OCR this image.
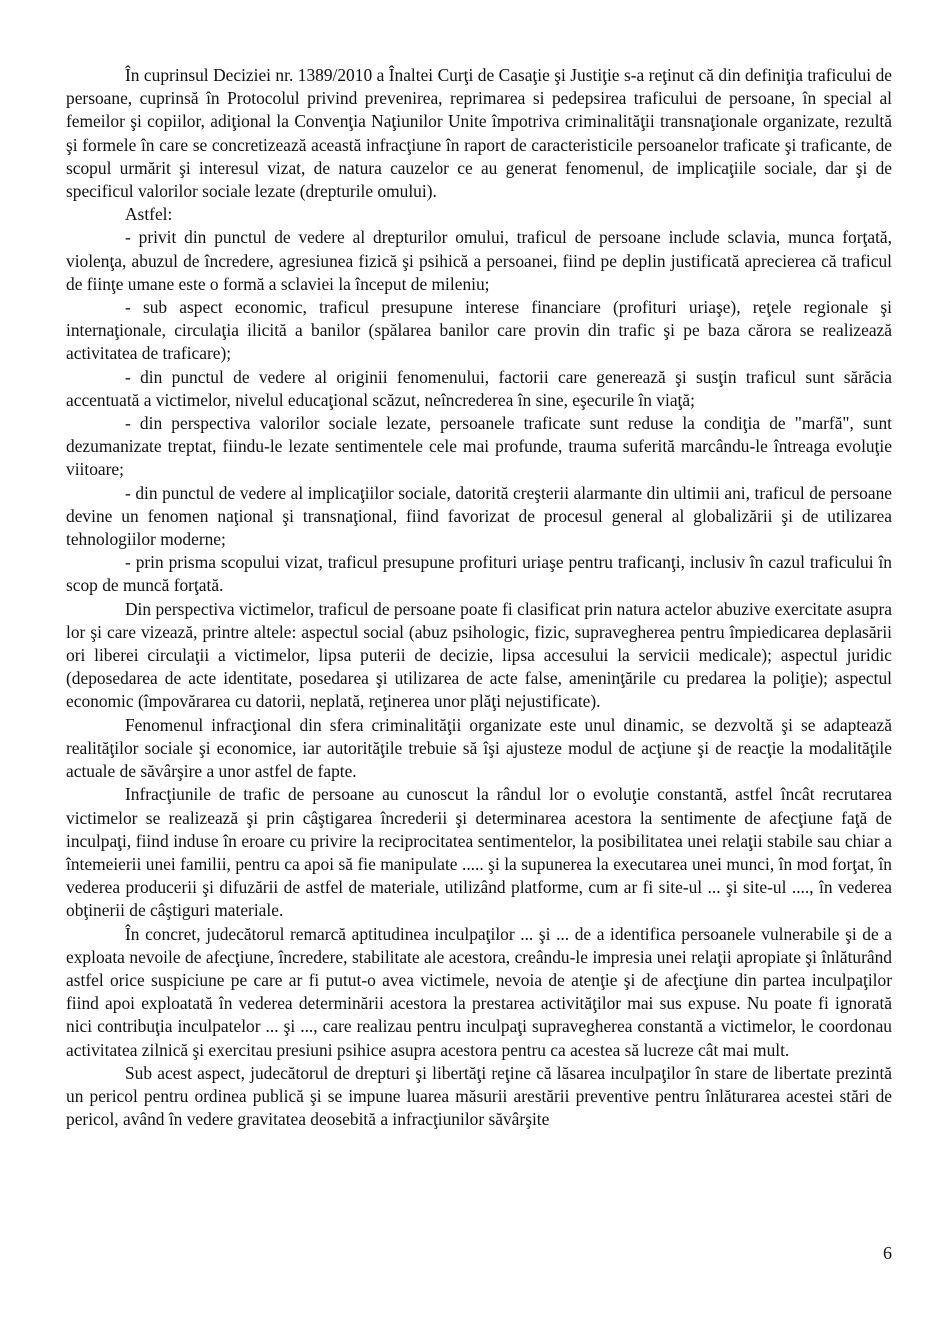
În cuprinsul Deciziei nr. 1389/2010 a Înaltei Curţi de Casaţie şi Justiţie s-a reţinut că din definiţia traficului de persoane, cuprinsă în Protocolul privind prevenirea, reprimarea si pedepsirea traficului de persoane, în special al femeilor şi copiilor, adiţional la Convenţia Naţiunilor Unite împotriva criminalităţii transnaţionale organizate, rezultă şi formele în care se concretizează această infracţiune în raport de caracteristicile persoanelor traficate şi traficante, de scopul urmărit şi interesul vizat, de natura cauzelor ce au generat fenomenul, de implicaţiile sociale, dar şi de specificul valorilor sociale lezate (drepturile omului).

Astfel:

- privit din punctul de vedere al drepturilor omului, traficul de persoane include sclavia, munca forţată, violenţa, abuzul de încredere, agresiunea fizică şi psihică a persoanei, fiind pe deplin justificată aprecierea că traficul de fiinţe umane este o formă a sclaviei la început de mileniu;

- sub aspect economic, traficul presupune interese financiare (profituri uriaşe), reţele regionale şi internaţionale, circulaţia ilicită a banilor (spălarea banilor care provin din trafic şi pe baza cărora se realizează activitatea de traficare);

- din punctul de vedere al originii fenomenului, factorii care generează şi susţin traficul sunt sărăcia accentuată a victimelor, nivelul educaţional scăzut, neîncrederea în sine, eşecurile în viaţă;

- din perspectiva valorilor sociale lezate, persoanele traficate sunt reduse la condiţia de "marfă", sunt dezumanizate treptat, fiindu-le lezate sentimentele cele mai profunde, trauma suferită marcându-le întreaga evoluţie viitoare;

- din punctul de vedere al implicaţiilor sociale, datorită creşterii alarmante din ultimii ani, traficul de persoane devine un fenomen naţional şi transnaţional, fiind favorizat de procesul general al globalizării şi de utilizarea tehnologiilor moderne;

- prin prisma scopului vizat, traficul presupune profituri uriaşe pentru traficanţi, inclusiv în cazul traficului în scop de muncă forţată.

Din perspectiva victimelor, traficul de persoane poate fi clasificat prin natura actelor abuzive exercitate asupra lor şi care vizează, printre altele: aspectul social (abuz psihologic, fizic, supravegherea pentru împiedicarea deplasării ori liberei circulaţii a victimelor, lipsa puterii de decizie, lipsa accesului la servicii medicale); aspectul juridic (deposedarea de acte identitate, posedarea şi utilizarea de acte false, ameninţările cu predarea la poliţie); aspectul economic (împovărarea cu datorii, neplată, reţinerea unor plăţi nejustificate).

Fenomenul infracţional din sfera criminalităţii organizate este unul dinamic, se dezvoltă şi se adaptează realităţilor sociale şi economice, iar autorităţile trebuie să îşi ajusteze modul de acţiune şi de reacţie la modalităţile actuale de săvârşire a unor astfel de fapte.

Infracţiunile de trafic de persoane au cunoscut la rândul lor o evoluţie constantă, astfel încât recrutarea victimelor se realizează şi prin câştigarea încrederii şi determinarea acestora la sentimente de afecţiune faţă de inculpaţi, fiind induse în eroare cu privire la reciprocitatea sentimentelor, la posibilitatea unei relaţii stabile sau chiar a întemeierii unei familii, pentru ca apoi să fie manipulate ..... şi la supunerea la executarea unei munci, în mod forţat, în vederea producerii şi difuzării de astfel de materiale, utilizând platforme, cum ar fi site-ul ... şi site-ul ...., în vederea obţinerii de câştiguri materiale.

În concret, judecătorul remarcă aptitudinea inculpaţilor ... şi ... de a identifica persoanele vulnerabile şi de a exploata nevoile de afecţiune, încredere, stabilitate ale acestora, creându-le impresia unei relaţii apropiate şi înlăturând astfel orice suspiciune pe care ar fi putut-o avea victimele, nevoia de atenţie şi de afecţiune din partea inculpaţilor fiind apoi exploatată în vederea determinării acestora la prestarea activităţilor mai sus expuse. Nu poate fi ignorată nici contribuţia inculpatelor ... şi ..., care realizau pentru inculpaţi supravegherea constantă a victimelor, le coordonau activitatea zilnică şi exercitau presiuni psihice asupra acestora pentru ca acestea să lucreze cât mai mult.

Sub acest aspect, judecătorul de drepturi şi libertăţi reţine că lăsarea inculpaţilor în stare de libertate prezintă un pericol pentru ordinea publică şi se impune luarea măsurii arestării preventive pentru înlăturarea acestei stări de pericol, având în vedere gravitatea deosebită a infracţiunilor săvârşite

6
